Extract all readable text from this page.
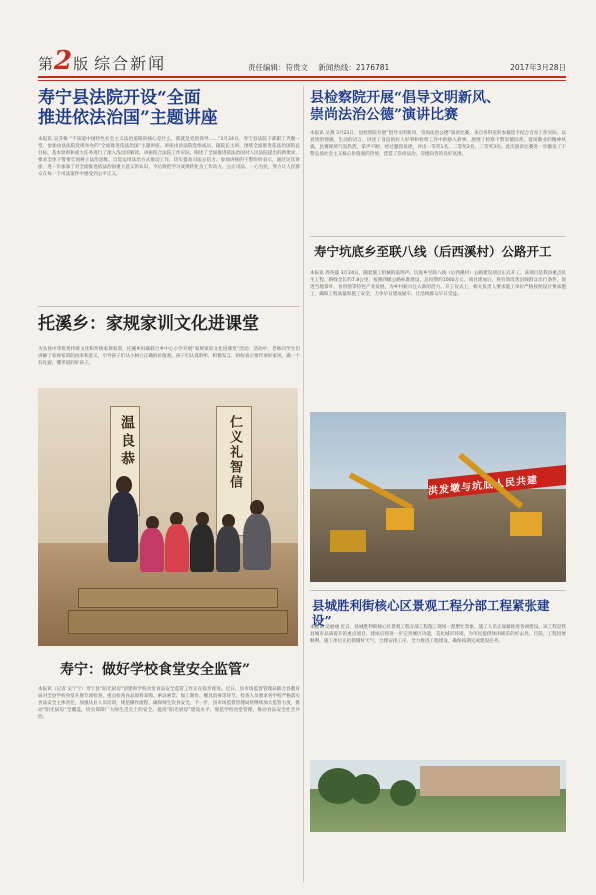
第 2 版 综合新闻	责任编辑：符贵文 新闻热线：2176781	2017年3月28日
寿宁县法院开设“全面
推进依法治国”主题讲座
本报讯 吴芬梅 “不知道中国特色社会主义法治道路的核心是什么，那就是党的领导……”3月24日，寿宁县法院干部职工齐聚一堂，参加由县法院党组举办的“全面推进依法治国”主题讲座。讲座由县法院党组成员、副院长主讲，围绕全面推进依法治国的总目标、基本原则和重大任务进行了深入浅出的解读。讲座结合法院工作实际，阐述了全面推进依法治国对人民法院提出的新要求，要求全体干警要牢固树立法治思维，自觉运用法治方式推动工作，切实提高司法公信力。参加讲座的干警纷纷表示，通过这次讲座，进一步加深了对全面推进依法治国重大意义的认识，今后将把学习成果转化为工作动力，公正司法、一心为民，努力让人民群众在每一个司法案件中感受到公平正义。
托溪乡：家规家训文化进课堂
为弘扬中华优秀传统文化和传统家规家训，托溪乡妇联联合乡中心小学开展“家规家训文化进课堂”活动。活动中，老师向学生们讲解了家规家训的由来和意义，引导孩子们从小树立正确的价值观。孩子们认真聆听，积极发言，纷纷表示要传承好家风，做一个有礼貌、懂孝道的好孩子。
温良恭	仁义礼智信
寿宁：做好学校食堂安全监管”
本报讯（记者 吴宁宁）寿宁县“阳光厨房”创建和学校食堂食品安全监管工作正在稳步推进。近日，县市场监督管理局联合县教育局对全县学校食堂开展专项检查，重点检查食品原料采购、索证索票、加工制作、餐具消毒等环节。检查人员要求各学校严格落实食品安全主体责任，加强从业人员培训，规范操作流程，确保师生饮食安全。下一步，县市场监督管理局将继续加大监管力度，推动“阳光厨房”全覆盖，切实保障广大师生舌尖上的安全。提高“阳光厨房”建设水平，规范学校食堂管理，推动食品安全社会共治。
县检察院开展“倡导文明新风、
崇尚法治公德”演讲比赛
本报讯 吴燕 3月23日，县检察院开展“倡导文明新风、崇尚法治公德”演讲比赛。来自各科室的参赛选手结合自身工作实际，以真挚的情感、生动的语言，讲述了身边的好人好事和检察工作中的感人故事，展现了检察干警崇德向善、爱岗敬业的精神风貌。比赛现场气氛热烈，掌声不断。经过激烈角逐，评出一等奖1名、二等奖2名、三等奖3名。此次演讲比赛进一步激发了干警弘扬社会主义核心价值观的热情，营造了崇尚法治、崇德向善的良好氛围。
寿宁坑底乡至联八线（后西溪村）公路开工
本报讯 周英盛 3月24日，随着施工机械的轰鸣声，坑底乡至联八线（后西溪村）公路建设项目正式开工。该项目是我县重点民生工程，路线全长约7.8公里，按照四级公路标准建设，总投资约1000万元。项目建成后，将有效改善沿线群众出行条件，促进当地茶叶、食用菌等特色产业发展，为乡村振兴注入新的活力。开工仪式上，相关负责人要求施工单位严格按照设计要求施工，确保工程质量和施工安全，力争早日建成通车，让沿线群众早日受益。
洪发墩与坑底人民共建
县城胜利街核心区景观工程分部工程紧张建设”
本报讯 吴丽丽 近日，县城胜利街核心区景观工程分部工程施工现场一派繁忙景象，施工人员正加紧推进各项建设。该工程是我县城市品质提升的重点项目，建成后将进一步完善城区功能，美化城市环境，为市民提供休闲娱乐的好去处。目前，工程进展顺利，施工单位正抢抓晴好天气，合理安排工序，全力推进工程建设，确保按期完成建设任务。
